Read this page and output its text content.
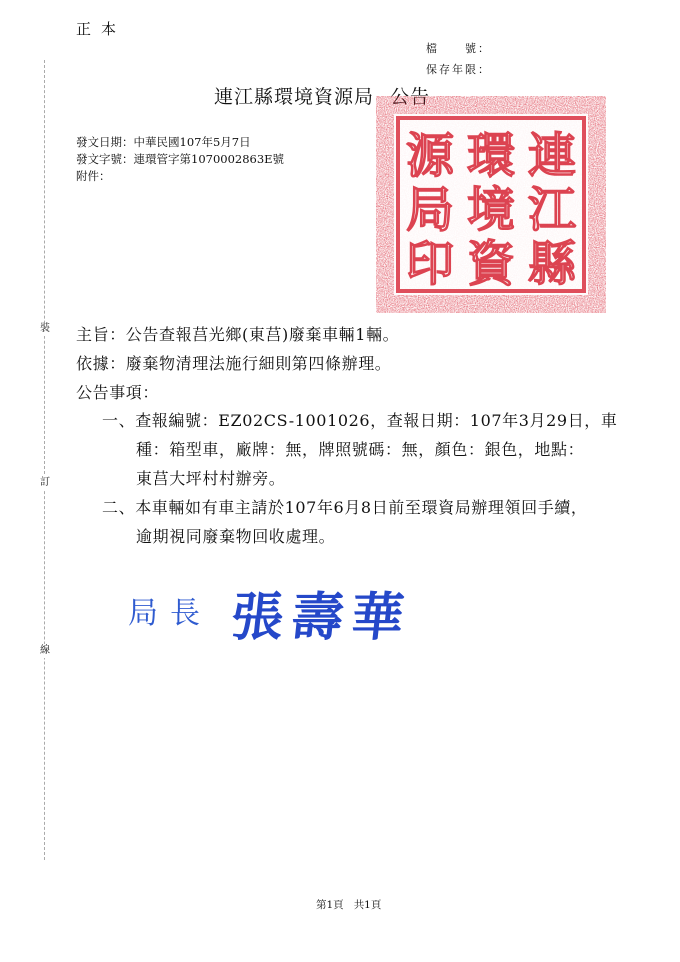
正本
檔　號 ：
保存年限 ：
連江縣環境資源局
發文日期：中華民國107年5月7日
發文字號：連環管字第1070002863E號
附件：
裝
訂
線
連
江
縣
環
境
資
源
局
印
主旨：公告查報莒光鄉(東莒)廢棄車輛1輛。
依據：廢棄物清理法施行細則第四條辦理。
公告事項：
一、查報編號：EZ02CS-1001026，查報日期：107年3月29日，車
種：箱型車，廠牌：無，牌照號碼：無，顏色：銀色，地點：
東莒大坪村村辦旁。
二、本車輛如有車主請於107年6月8日前至環資局辦理領回手續，
逾期視同廢棄物回收處理。
局長 張壽華
第1頁 共1頁
